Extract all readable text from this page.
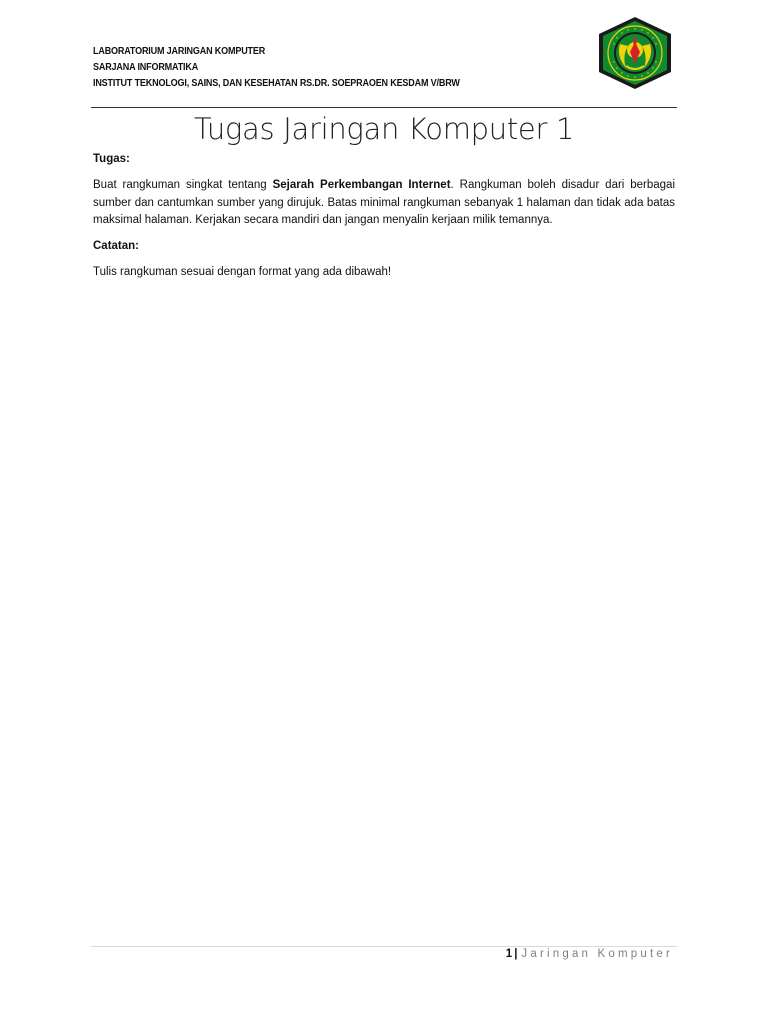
LABORATORIUM JARINGAN KOMPUTER
SARJANA INFORMATIKA
INSTITUT TEKNOLOGI, SAINS, DAN KESEHATAN RS.DR. SOEPRAOEN KESDAM V/BRW
Tugas Jaringan Komputer 1

Tugas:

Buat rangkuman singkat tentang Sejarah Perkembangan Internet. Rangkuman boleh disadur dari berbagai sumber dan cantumkan sumber yang dirujuk. Batas minimal rangkuman sebanyak 1 halaman dan tidak ada batas maksimal halaman. Kerjakan secara mandiri dan jangan menyalin kerjaan milik temannya.

Catatan:

Tulis rangkuman sesuai dengan format yang ada dibawah!

1 | Jaringan Komputer
